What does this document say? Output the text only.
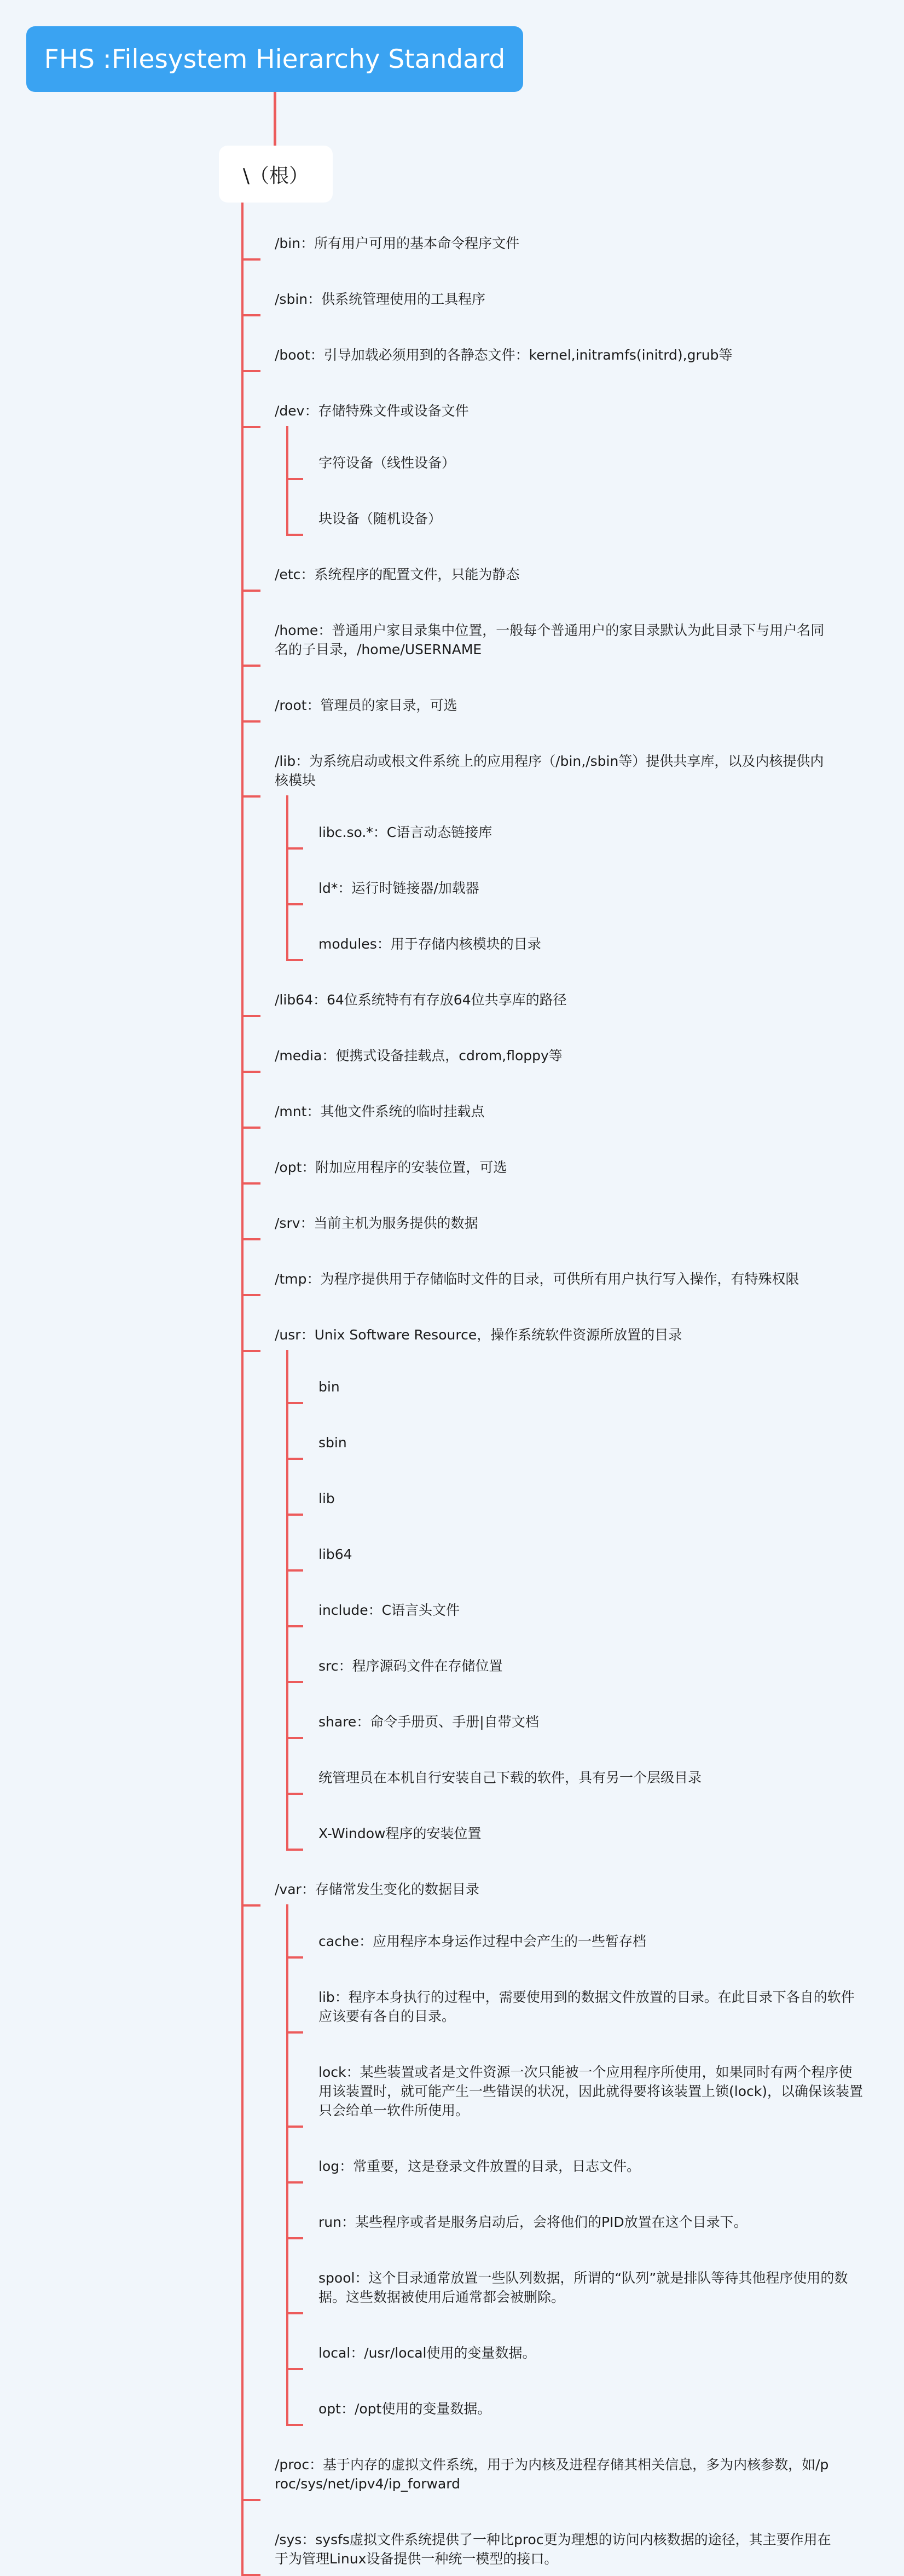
FHS :Filesystem Hierarchy Standard
\（根）
/bin：所有用户可用的基本命令程序文件
/sbin：供系统管理使用的工具程序
/boot：引导加载必须用到的各静态文件：kernel,initramfs(initrd),grub等
/dev：存储特殊文件或设备文件
字符设备（线性设备）
块设备（随机设备）
/etc：系统程序的配置文件，只能为静态
/home：普通用户家目录集中位置，一般每个普通用户的家目录默认为此目录下与用户名同名的子目录，/home/USERNAME
/root：管理员的家目录，可选
/lib：为系统启动或根文件系统上的应用程序（/bin,/sbin等）提供共享库，以及内核提供内核模块
libc.so.*：C语言动态链接库
ld*：运行时链接器/加载器
modules：用于存储内核模块的目录
/lib64：64位系统特有有存放64位共享库的路径
/media：便携式设备挂载点，cdrom,floppy等
/mnt：其他文件系统的临时挂载点
/opt：附加应用程序的安装位置，可选
/srv：当前主机为服务提供的数据
/tmp：为程序提供用于存储临时文件的目录，可供所有用户执行写入操作，有特殊权限
/usr：Unix Software Resource，操作系统软件资源所放置的目录
bin
sbin
lib
lib64
include：C语言头文件
src：程序源码文件在存储位置
share：命令手册页、手册|自带文档
统管理员在本机自行安装自己下载的软件，具有另一个层级目录
X-Window程序的安装位置
/var：存储常发生变化的数据目录
cache：应用程序本身运作过程中会产生的一些暂存档
lib：程序本身执行的过程中，需要使用到的数据文件放置的目录。在此目录下各自的软件应该要有各自的目录。
lock：某些装置或者是文件资源一次只能被一个应用程序所使用，如果同时有两个程序使用该装置时，就可能产生一些错误的状况，因此就得要将该装置上锁(lock)，以确保该装置只会给单一软件所使用。
log：常重要，这是登录文件放置的目录，日志文件。
run：某些程序或者是服务启动后，会将他们的PID放置在这个目录下。
spool：这个目录通常放置一些队列数据，所谓的“队列”就是排队等待其他程序使用的数据。这些数据被使用后通常都会被删除。
local：/usr/local使用的变量数据。
opt：/opt使用的变量数据。
/proc：基于内存的虚拟文件系统，用于为内核及进程存储其相关信息，多为内核参数，如/proc/sys/net/ipv4/ip_forward
/sys：sysfs虚拟文件系统提供了一种比proc更为理想的访问内核数据的途径，其主要作用在于为管理Linux设备提供一种统一模型的接口。
